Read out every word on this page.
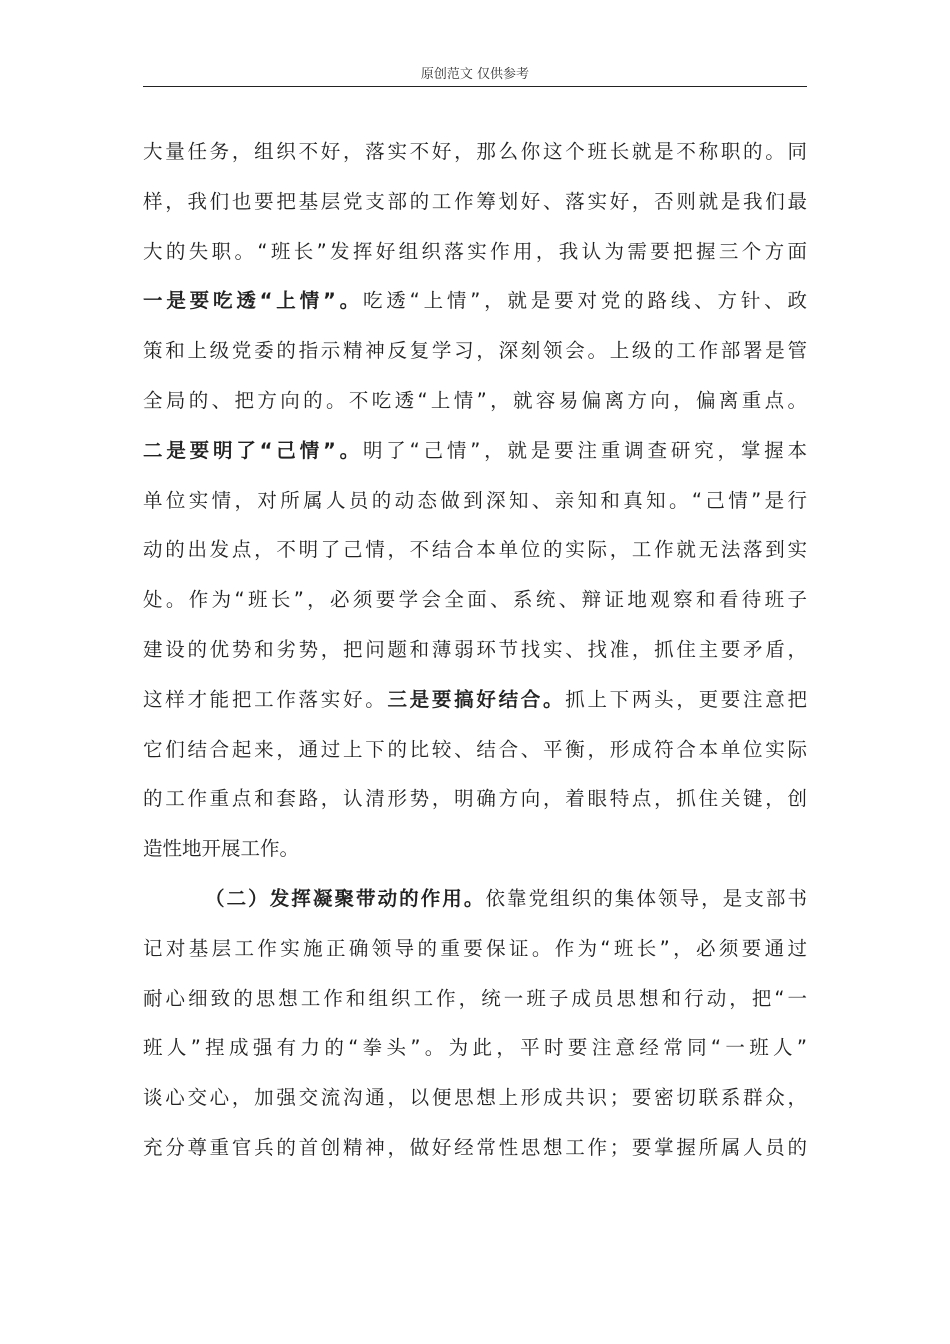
原创范文 仅供参考
大量任务，组织不好，落实不好，那么你这个班长就是不称职的。同
样，我们也要把基层党支部的工作筹划好、落实好，否则就是我们最
大的失职。“班长”发挥好组织落实作用，我认为需要把握三个方面
一是要吃透“上情”。吃透“上情”，就是要对党的路线、方针、政
策和上级党委的指示精神反复学习，深刻领会。上级的工作部署是管
全局的、把方向的。不吃透“上情”，就容易偏离方向，偏离重点。
二是要明了“己情”。明了“己情”，就是要注重调查研究，掌握本
单位实情，对所属人员的动态做到深知、亲知和真知。“己情”是行
动的出发点，不明了己情，不结合本单位的实际，工作就无法落到实
处。作为“班长”，必须要学会全面、系统、辩证地观察和看待班子
建设的优势和劣势，把问题和薄弱环节找实、找准，抓住主要矛盾，
这样才能把工作落实好。三是要搞好结合。抓上下两头，更要注意把
它们结合起来，通过上下的比较、结合、平衡，形成符合本单位实际
的工作重点和套路，认清形势，明确方向，着眼特点，抓住关键，创
造性地开展工作。
（二）发挥凝聚带动的作用。依靠党组织的集体领导，是支部书
记对基层工作实施正确领导的重要保证。作为“班长”，必须要通过
耐心细致的思想工作和组织工作，统一班子成员思想和行动，把“一
班人”捏成强有力的“拳头”。为此，平时要注意经常同“一班人”
谈心交心，加强交流沟通，以便思想上形成共识；要密切联系群众，
充分尊重官兵的首创精神，做好经常性思想工作；要掌握所属人员的
